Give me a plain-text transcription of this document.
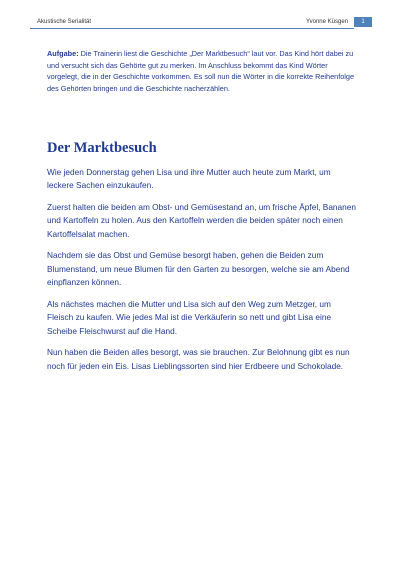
Akustische Serialität	Yvonne Küsgen	1

Aufgabe: Die Trainerin liest die Geschichte „Der Marktbesuch“ laut vor. Das Kind hört dabei zu und versucht sich das Gehörte gut zu merken. Im Anschluss bekommt das Kind Wörter vorgelegt, die in der Geschichte vorkommen. Es soll nun die Wörter in die korrekte Reihenfolge des Gehörten bringen und die Geschichte nacherzählen.

Der Marktbesuch

Wie jeden Donnerstag gehen Lisa und ihre Mutter auch heute zum Markt, um leckere Sachen einzukaufen.

Zuerst halten die beiden am Obst- und Gemüsestand an, um frische Äpfel, Bananen und Kartoffeln zu holen. Aus den Kartoffeln werden die beiden später noch einen Kartoffelsalat machen.

Nachdem sie das Obst und Gemüse besorgt haben, gehen die Beiden zum Blumenstand, um neue Blumen für den Garten zu besorgen, welche sie am Abend einpflanzen können.

Als nächstes machen die Mutter und Lisa sich auf den Weg zum Metzger, um Fleisch zu kaufen. Wie jedes Mal ist die Verkäuferin so nett und gibt Lisa eine Scheibe Fleischwurst auf die Hand.

Nun haben die Beiden alles besorgt, was sie brauchen. Zur Belohnung gibt es nun noch für jeden ein Eis. Lisas Lieblingssorten sind hier Erdbeere und Schokolade.
